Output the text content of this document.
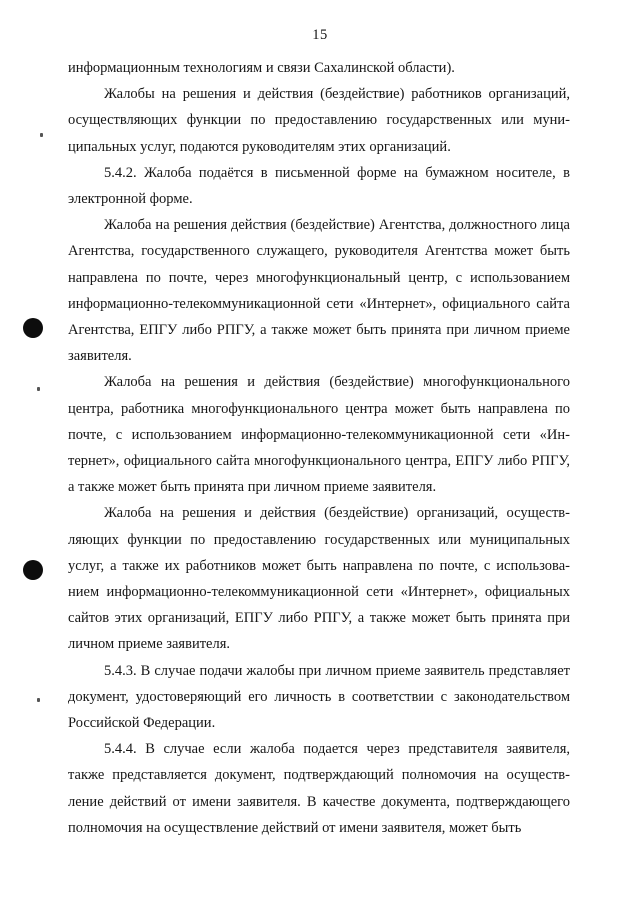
15

информационным технологиям и связи Сахалинской области).

Жалобы на решения и действия (бездействие) работников организаций, осуществляющих функции по предоставлению государственных или муниципальных услуг, подаются руководителям этих организаций.

5.4.2. Жалоба подаётся в письменной форме на бумажном носителе, в электронной форме.

Жалоба на решения действия (бездействие) Агентства, должностного лица Агентства, государственного служащего, руководителя Агентства может быть направлена по почте, через многофункциональный центр, с использованием информационно-телекоммуникационной сети «Интернет», официального сайта Агентства, ЕПГУ либо РПГУ, а также может быть принята при личном приеме заявителя.

Жалоба на решения и действия (бездействие) многофункционального центра, работника многофункционального центра может быть направлена по почте, с использованием информационно-телекоммуникационной сети «Интернет», официального сайта многофункционального центра, ЕПГУ либо РПГУ, а также может быть принята при личном приеме заявителя.

Жалоба на решения и действия (бездействие) организаций, осуществляющих функции по предоставлению государственных или муниципальных услуг, а также их работников может быть направлена по почте, с использованием информационно-телекоммуникационной сети «Интернет», официальных сайтов этих организаций, ЕПГУ либо РПГУ, а также может быть принята при личном приеме заявителя.

5.4.3. В случае подачи жалобы при личном приеме заявитель представляет документ, удостоверяющий его личность в соответствии с законодательством Российской Федерации.

5.4.4. В случае если жалоба подается через представителя заявителя, также представляется документ, подтверждающий полномочия на осуществление действий от имени заявителя. В качестве документа, подтверждающего полномочия на осуществление действий от имени заявителя, может быть
